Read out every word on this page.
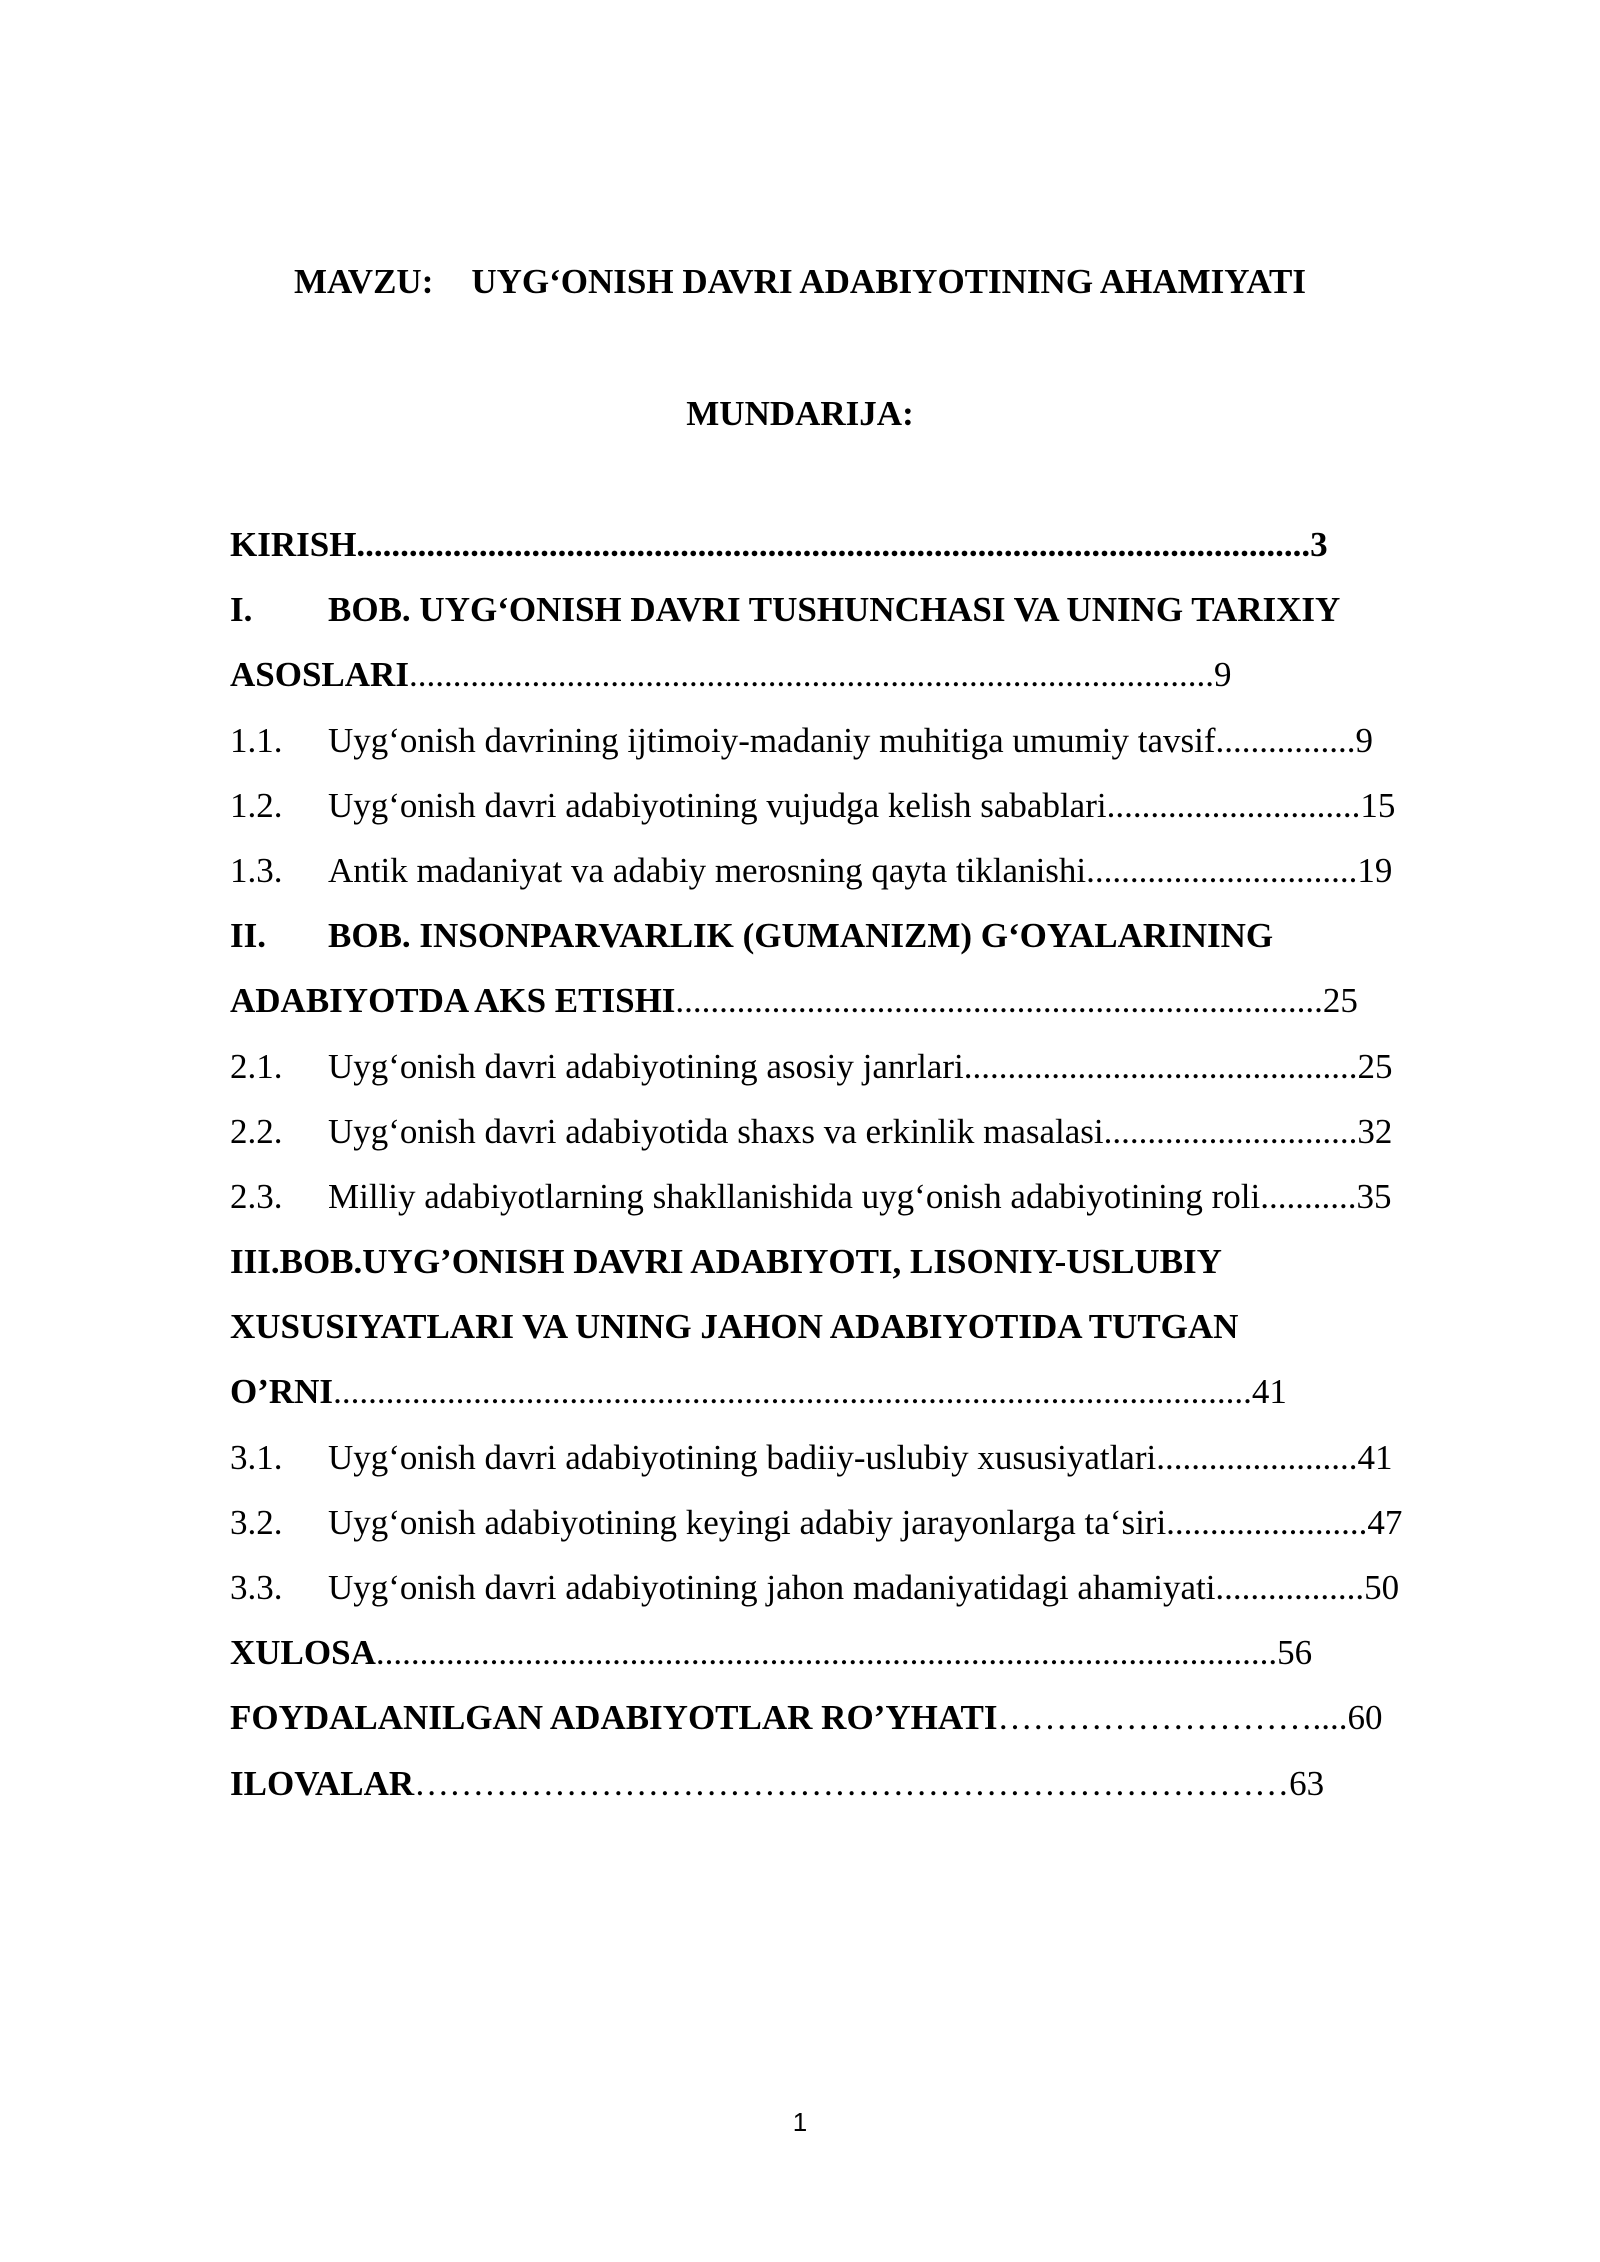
MAVZU: UYG‘ONISH DAVRI ADABIYOTINING AHAMIYATI
MUNDARIJA:
KIRISH.............................................................................................................3
I. BOB. UYG‘ONISH DAVRI TUSHUNCHASI VA UNING TARIXIY
ASOSLARI............................................................................................9
1.1. Uyg‘onish davrining ijtimoiy-madaniy muhitiga umumiy tavsif................9
1.2. Uyg‘onish davri adabiyotining vujudga kelish sabablari.............................15
1.3. Antik madaniyat va adabiy merosning qayta tiklanishi...............................19
II. BOB. INSONPARVARLIK (GUMANIZM) G‘OYALARINING
ADABIYOTDA AKS ETISHI..........................................................................25
2.1. Uyg‘onish davri adabiyotining asosiy janrlari.............................................25
2.2. Uyg‘onish davri adabiyotida shaxs va erkinlik masalasi.............................32
2.3. Milliy adabiyotlarning shakllanishida uyg‘onish adabiyotining roli...........35
III.BOB.UYG’ONISH DAVRI ADABIYOTI, LISONIY-USLUBIY
XUSUSIYATLARI VA UNING JAHON ADABIYOTIDA TUTGAN
O’RNI.........................................................................................................41
3.1. Uyg‘onish davri adabiyotining badiiy-uslubiy xususiyatlari.......................41
3.2. Uyg‘onish adabiyotining keyingi adabiy jarayonlarga ta‘siri.......................47
3.3. Uyg‘onish davri adabiyotining jahon madaniyatidagi ahamiyati.................50
XULOSA.......................................................................................................56
FOYDALANILGAN ADABIYOTLAR RO’YHATI………………………....60
ILOVALAR…………………………………………………………………63
1
